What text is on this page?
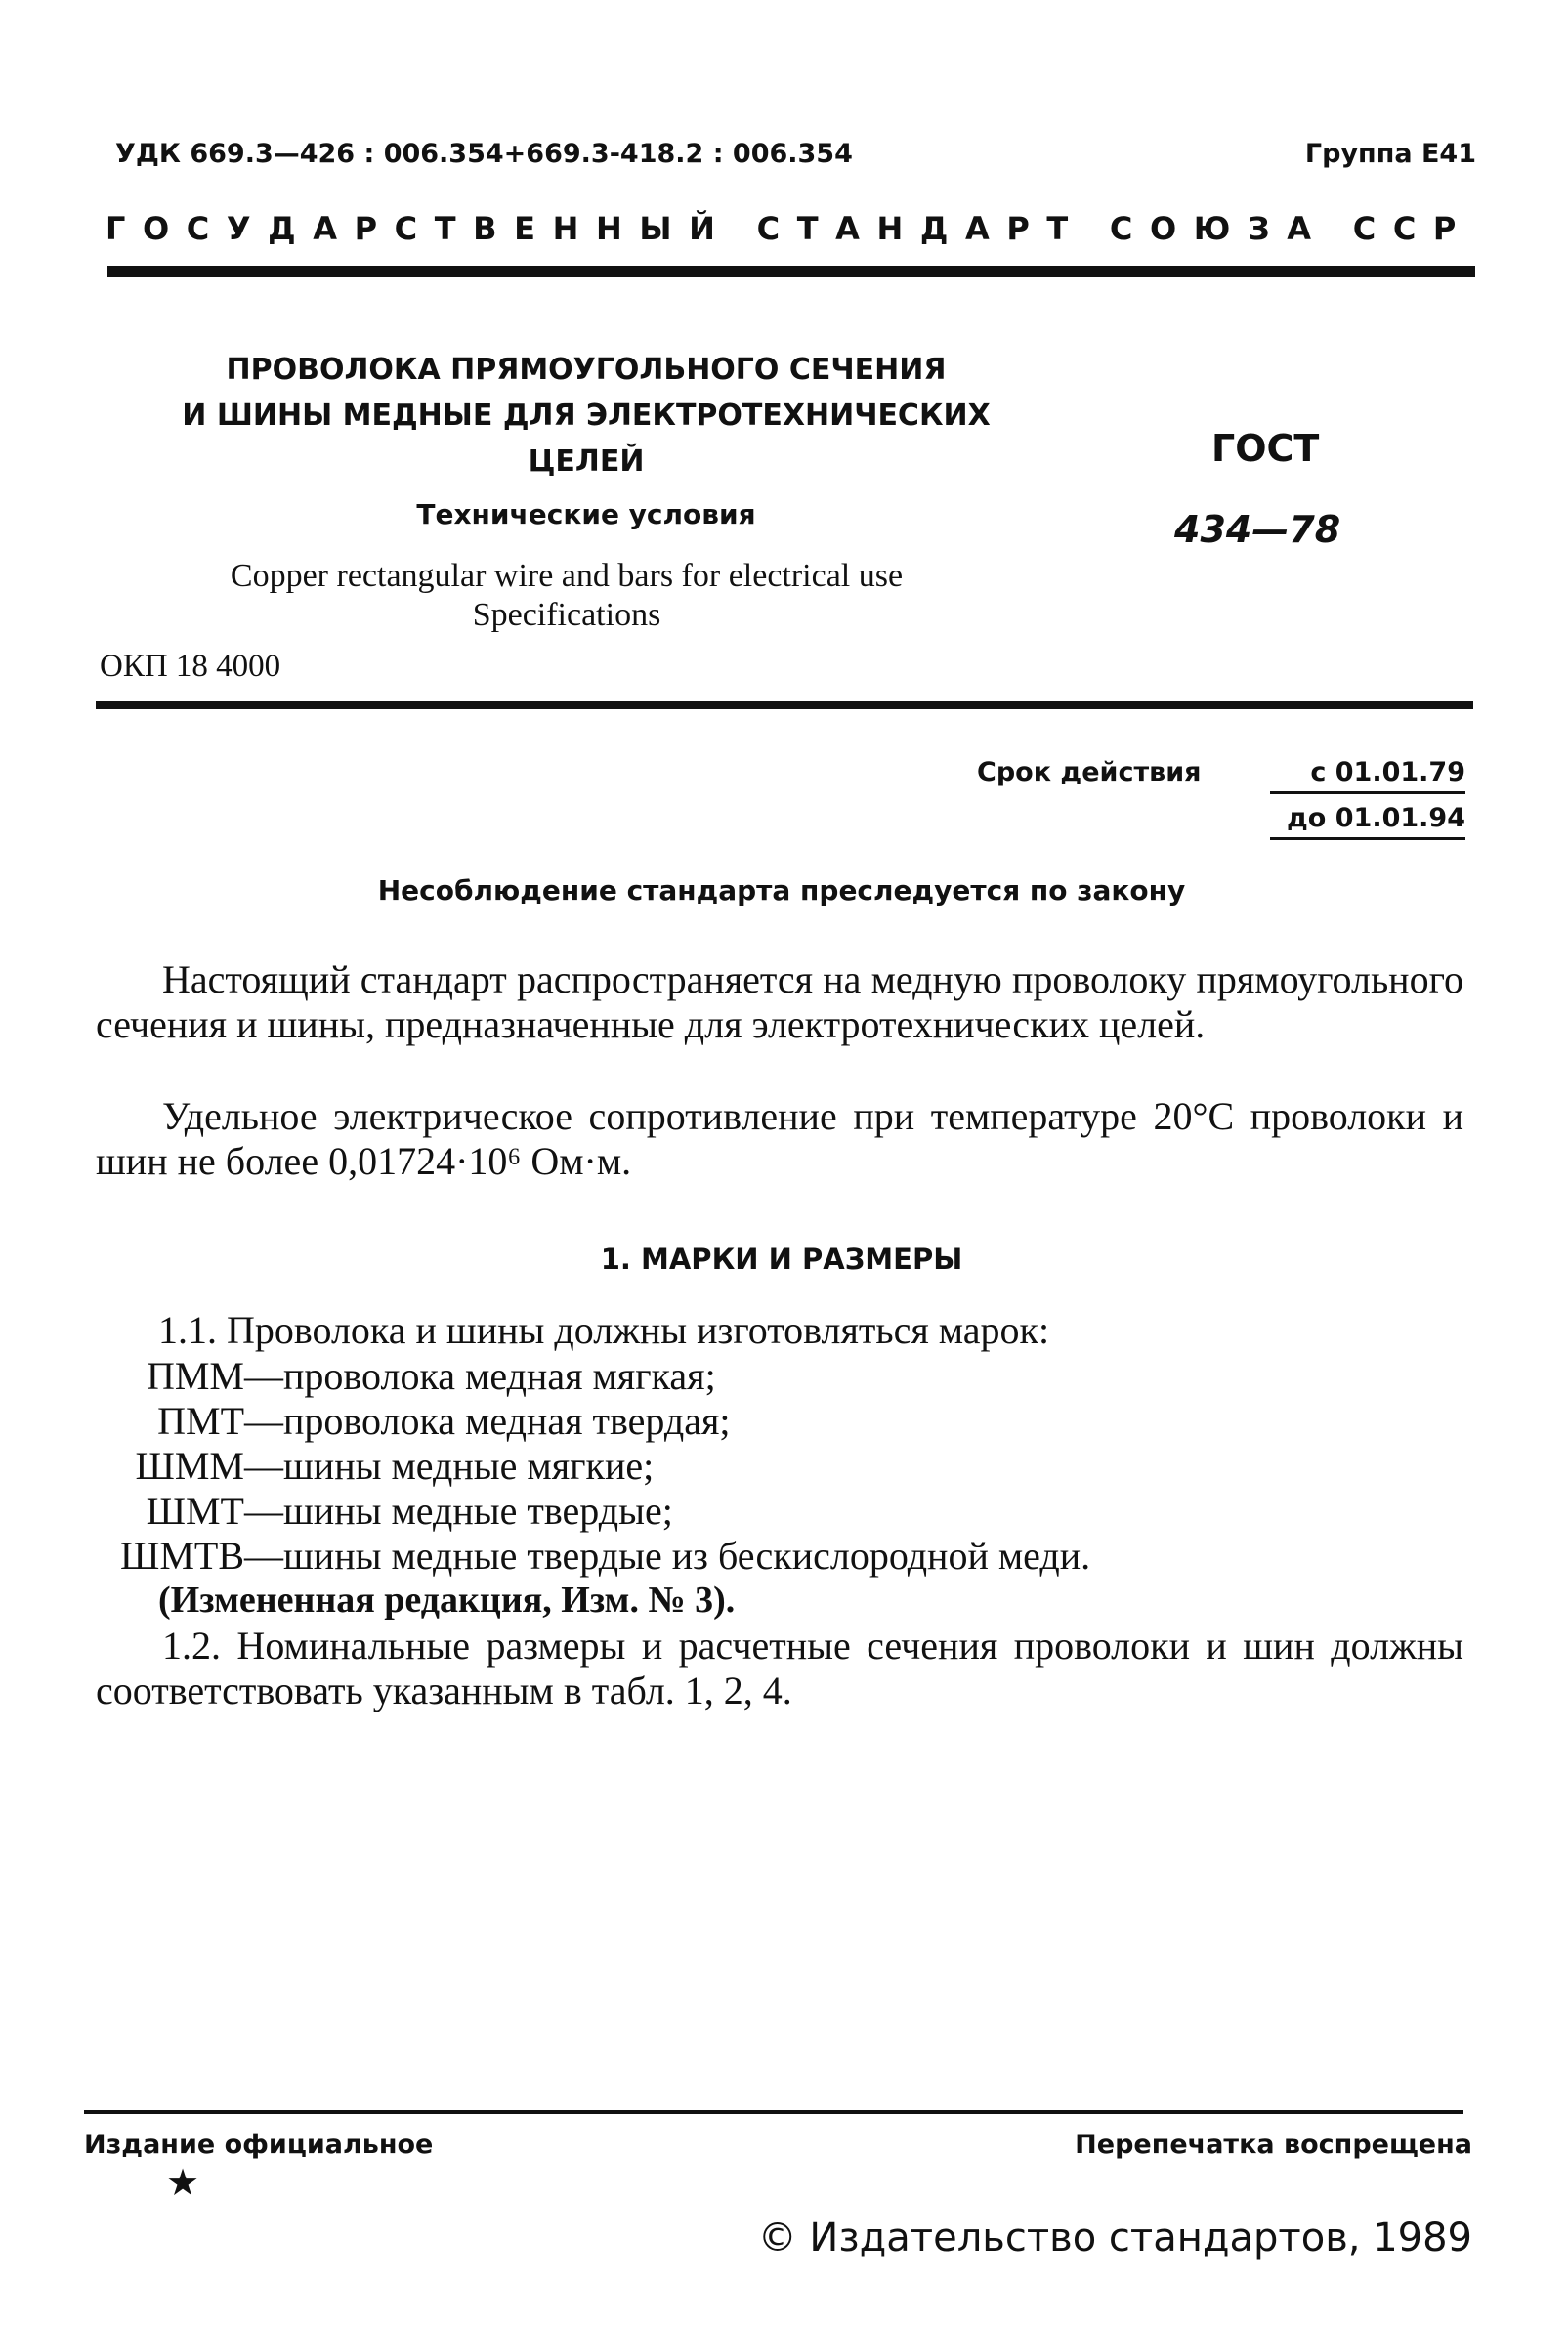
УДК 669.3—426 : 006.354+669.3-418.2 : 006.354	Группа Е41
ГОСУДАРСТВЕННЫЙ СТАНДАРТ СОЮЗА ССР
ПРОВОЛОКА ПРЯМОУГОЛЬНОГО СЕЧЕНИЯ
И ШИНЫ МЕДНЫЕ ДЛЯ ЭЛЕКТРОТЕХНИЧЕСКИХ
ЦЕЛЕЙ
Технические условия
Copper rectangular wire and bars for electrical use Specifications
ОКП 18 4000
ГОСТ
434—78
Срок действия	с 01.01.79
до 01.01.94
Несоблюдение стандарта преследуется по закону

Настоящий стандарт распространяется на медную проволоку прямоугольного сечения и шины, предназначенные для электротехнических целей.

Удельное электрическое сопротивление при температуре 20°С проволоки и шин не более 0,01724·10⁶ Ом·м.

1. МАРКИ И РАЗМЕРЫ
1.1. Проволока и шины должны изготовляться марок:
ПММ—проволока медная мягкая;
ПМТ—проволока медная твердая;
ШММ—шины медные мягкие;
ШМТ—шины медные твердые;
ШМТВ—шины медные твердые из бескислородной меди.
(Измененная редакция, Изм. № 3).

1.2. Номинальные размеры и расчетные сечения проволоки и шин должны соответствовать указанным в табл. 1, 2, 4.

Издание официальное
★
Перепечатка воспрещена
© Издательство стандартов, 1989
